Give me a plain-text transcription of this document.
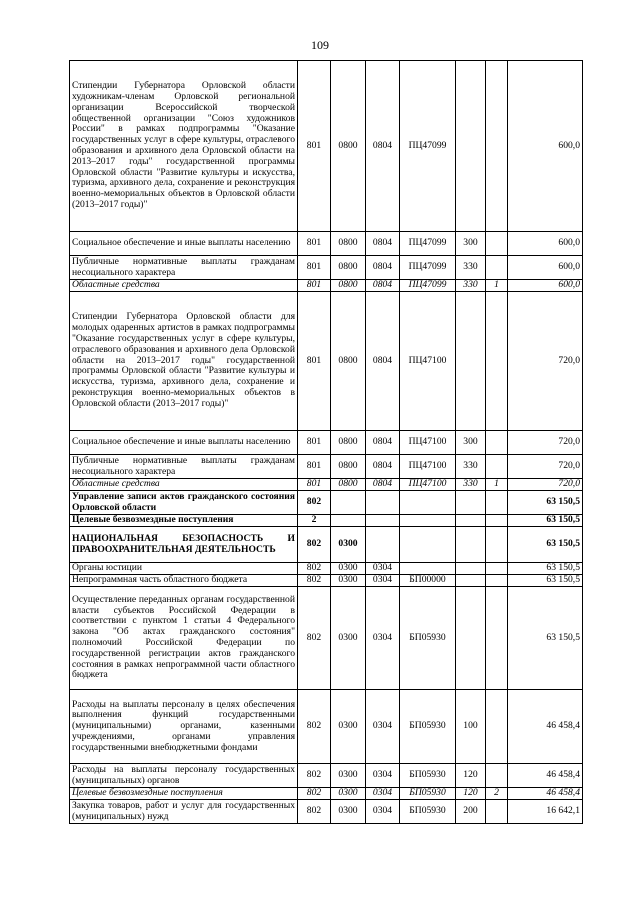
109
Стипендии Губернатора Орловской области художникам-членам Орловской региональной организации Всероссийской творческой общественной организации "Союз художников России" в рамках подпрограммы "Оказание государственных услуг в сфере культуры, отраслевого образования и архивного дела Орловской области на 2013–2017 годы" государственной программы Орловской области "Развитие культуры и искусства, туризма, архивного дела, сохранение и реконструкция военно-мемориальных объектов в Орловской области (2013–2017 годы)"	801	0800	0804	ПЦ47099			600,0
Социальное обеспечение и иные выплаты населению	801	0800	0804	ПЦ47099	300		600,0
Публичные нормативные выплаты гражданам несоциального характера	801	0800	0804	ПЦ47099	330		600,0
Областные средства	801	0800	0804	ПЦ47099	330	1	600,0
Стипендии Губернатора Орловской области для молодых одаренных артистов в рамках подпрограммы "Оказание государственных услуг в сфере культуры, отраслевого образования и архивного дела Орловской области на 2013–2017 годы" государственной программы Орловской области "Развитие культуры и искусства, туризма, архивного дела, сохранение и реконструкция военно-мемориальных объектов в Орловской области (2013–2017 годы)"	801	0800	0804	ПЦ47100			720,0
Социальное обеспечение и иные выплаты населению	801	0800	0804	ПЦ47100	300		720,0
Публичные нормативные выплаты гражданам несоциального характера	801	0800	0804	ПЦ47100	330		720,0
Областные средства	801	0800	0804	ПЦ47100	330	1	720,0
Управление записи актов гражданского состояния Орловской области	802						63 150,5
Целевые безвозмездные поступления	2						63 150,5
НАЦИОНАЛЬНАЯ БЕЗОПАСНОСТЬ И ПРАВООХРАНИТЕЛЬНАЯ ДЕЯТЕЛЬНОСТЬ	802	0300					63 150,5
Органы юстиции	802	0300	0304				63 150,5
Непрограммная часть областного бюджета	802	0300	0304	БП00000			63 150,5
Осуществление переданных органам государственной власти субъектов Российской Федерации в соответствии с пунктом 1 статьи 4 Федерального закона "Об актах гражданского состояния" полномочий Российской Федерации по государственной регистрации актов гражданского состояния в рамках непрограммной части областного бюджета	802	0300	0304	БП05930			63 150,5
Расходы на выплаты персоналу в целях обеспечения выполнения функций государственными (муниципальными) органами, казенными учреждениями, органами управления государственными внебюджетными фондами	802	0300	0304	БП05930	100		46 458,4
Расходы на выплаты персоналу государственных (муниципальных) органов	802	0300	0304	БП05930	120		46 458,4
Целевые безвозмездные поступления	802	0300	0304	БП05930	120	2	46 458,4
Закупка товаров, работ и услуг для государственных (муниципальных) нужд	802	0300	0304	БП05930	200		16 642,1
